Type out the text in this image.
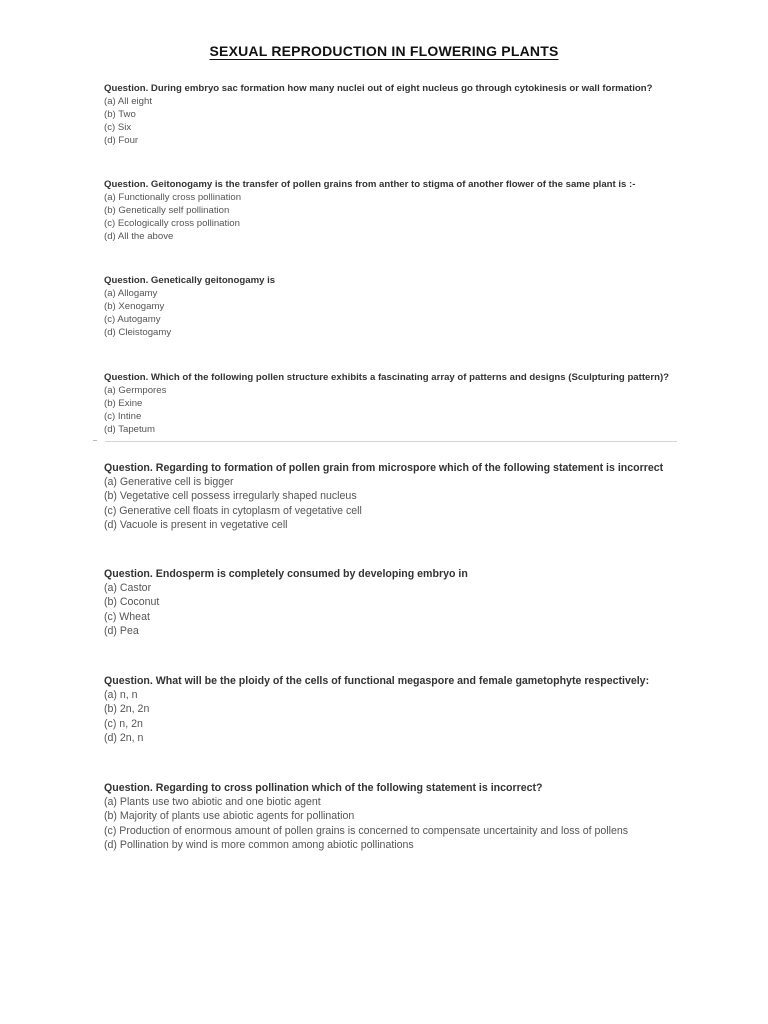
SEXUAL REPRODUCTION IN FLOWERING PLANTS
Question. During embryo sac formation how many nuclei out of eight nucleus go through cytokinesis or wall formation?
(a) All eight
(b) Two
(c) Six
(d) Four
Question. Geitonogamy is the transfer of pollen grains from anther to stigma of another flower of the same plant is :-
(a) Functionally cross pollination
(b) Genetically self pollination
(c) Ecologically cross pollination
(d) All the above
Question. Genetically geitonogamy is
(a) Allogamy
(b) Xenogamy
(c) Autogamy
(d) Cleistogamy
Question. Which of the following pollen structure exhibits a fascinating array of patterns and designs (Sculpturing pattern)?
(a) Germpores
(b) Exine
(c) Intine
(d) Tapetum
Question. Regarding to formation of pollen grain from microspore which of the following statement is incorrect
(a) Generative cell is bigger
(b) Vegetative cell possess irregularly shaped nucleus
(c) Generative cell floats in cytoplasm of vegetative cell
(d) Vacuole is present in vegetative cell
Question. Endosperm is completely consumed by developing embryo in
(a) Castor
(b) Coconut
(c) Wheat
(d) Pea
Question. What will be the ploidy of the cells of functional megaspore and female gametophyte respectively:
(a) n, n
(b) 2n, 2n
(c) n, 2n
(d) 2n, n
Question. Regarding to cross pollination which of the following statement is incorrect?
(a) Plants use two abiotic and one biotic agent
(b) Majority of plants use abiotic agents for pollination
(c) Production of enormous amount of pollen grains is concerned to compensate uncertainity and loss of pollens
(d) Pollination by wind is more common among abiotic pollinations
